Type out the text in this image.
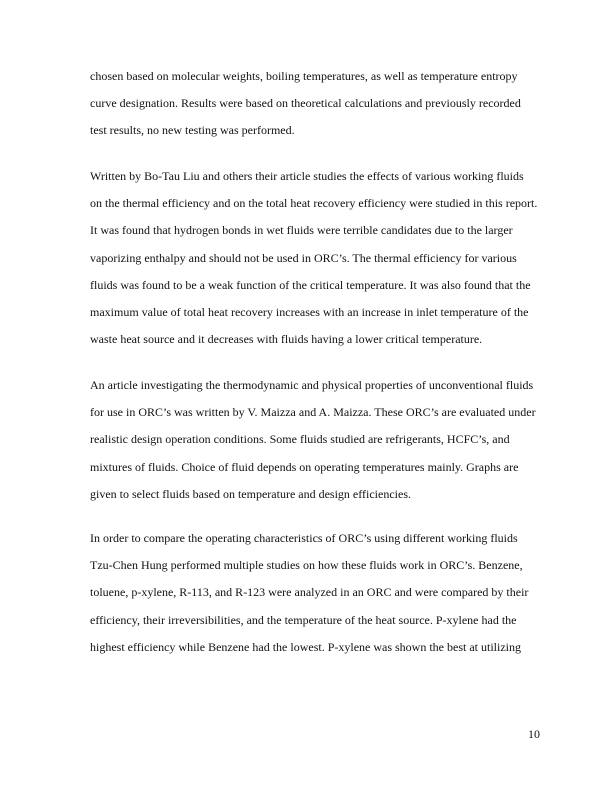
chosen based on molecular weights, boiling temperatures, as well as temperature entropy
curve designation. Results were based on theoretical calculations and previously recorded
test results, no new testing was performed.
Written by Bo-Tau Liu and others their article studies the effects of various working fluids
on the thermal efficiency and on the total heat recovery efficiency were studied in this report.
It was found that hydrogen bonds in wet fluids were terrible candidates due to the larger
vaporizing enthalpy and should not be used in ORC’s. The thermal efficiency for various
fluids was found to be a weak function of the critical temperature. It was also found that the
maximum value of total heat recovery increases with an increase in inlet temperature of the
waste heat source and it decreases with fluids having a lower critical temperature.
An article investigating the thermodynamic and physical properties of unconventional fluids
for use in ORC’s was written by V. Maizza and A. Maizza. These ORC’s are evaluated under
realistic design operation conditions. Some fluids studied are refrigerants, HCFC’s, and
mixtures of fluids. Choice of fluid depends on operating temperatures mainly. Graphs are
given to select fluids based on temperature and design efficiencies.
In order to compare the operating characteristics of ORC’s using different working fluids
Tzu-Chen Hung performed multiple studies on how these fluids work in ORC’s. Benzene,
toluene, p-xylene, R-113, and R-123 were analyzed in an ORC and were compared by their
efficiency, their irreversibilities, and the temperature of the heat source. P-xylene had the
highest efficiency while Benzene had the lowest. P-xylene was shown the best at utilizing
10
